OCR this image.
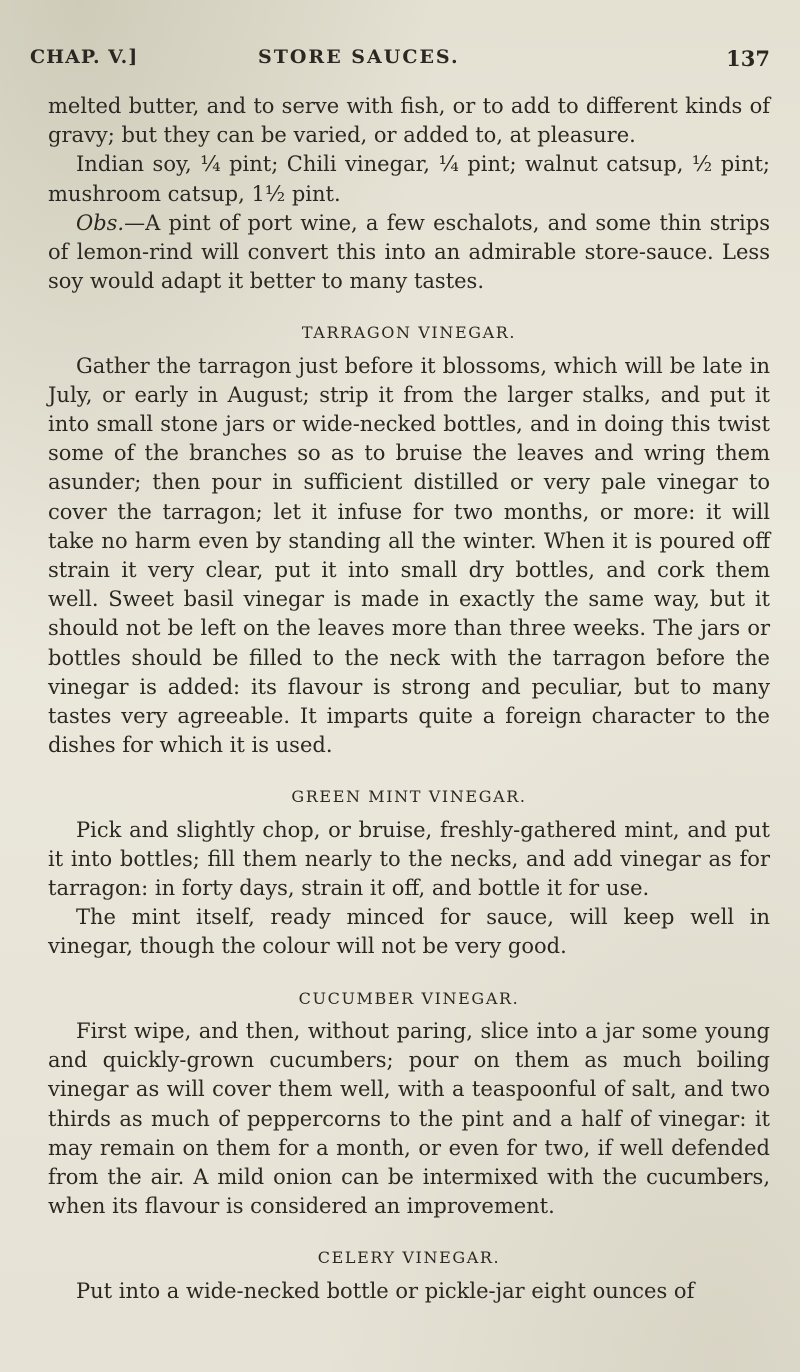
CHAP. V.]	STORE SAUCES.	137

melted butter, and to serve with fish, or to add to different kinds of gravy; but they can be varied, or added to, at pleasure.

Indian soy, ¼ pint; Chili vinegar, ¼ pint; walnut catsup, ½ pint; mushroom catsup, 1½ pint.

Obs.—A pint of port wine, a few eschalots, and some thin strips of lemon-rind will convert this into an admirable store-sauce. Less soy would adapt it better to many tastes.

TARRAGON VINEGAR.

Gather the tarragon just before it blossoms, which will be late in July, or early in August; strip it from the larger stalks, and put it into small stone jars or wide-necked bottles, and in doing this twist some of the branches so as to bruise the leaves and wring them asunder; then pour in sufficient distilled or very pale vinegar to cover the tarragon; let it infuse for two months, or more: it will take no harm even by standing all the winter. When it is poured off strain it very clear, put it into small dry bottles, and cork them well. Sweet basil vinegar is made in exactly the same way, but it should not be left on the leaves more than three weeks. The jars or bottles should be filled to the neck with the tarragon before the vinegar is added: its flavour is strong and peculiar, but to many tastes very agreeable. It imparts quite a foreign character to the dishes for which it is used.

GREEN MINT VINEGAR.

Pick and slightly chop, or bruise, freshly-gathered mint, and put it into bottles; fill them nearly to the necks, and add vinegar as for tarragon: in forty days, strain it off, and bottle it for use.

The mint itself, ready minced for sauce, will keep well in vinegar, though the colour will not be very good.

CUCUMBER VINEGAR.

First wipe, and then, without paring, slice into a jar some young and quickly-grown cucumbers; pour on them as much boiling vinegar as will cover them well, with a teaspoonful of salt, and two thirds as much of peppercorns to the pint and a half of vinegar: it may remain on them for a month, or even for two, if well defended from the air. A mild onion can be intermixed with the cucumbers, when its flavour is considered an improvement.

CELERY VINEGAR.

Put into a wide-necked bottle or pickle-jar eight ounces of
